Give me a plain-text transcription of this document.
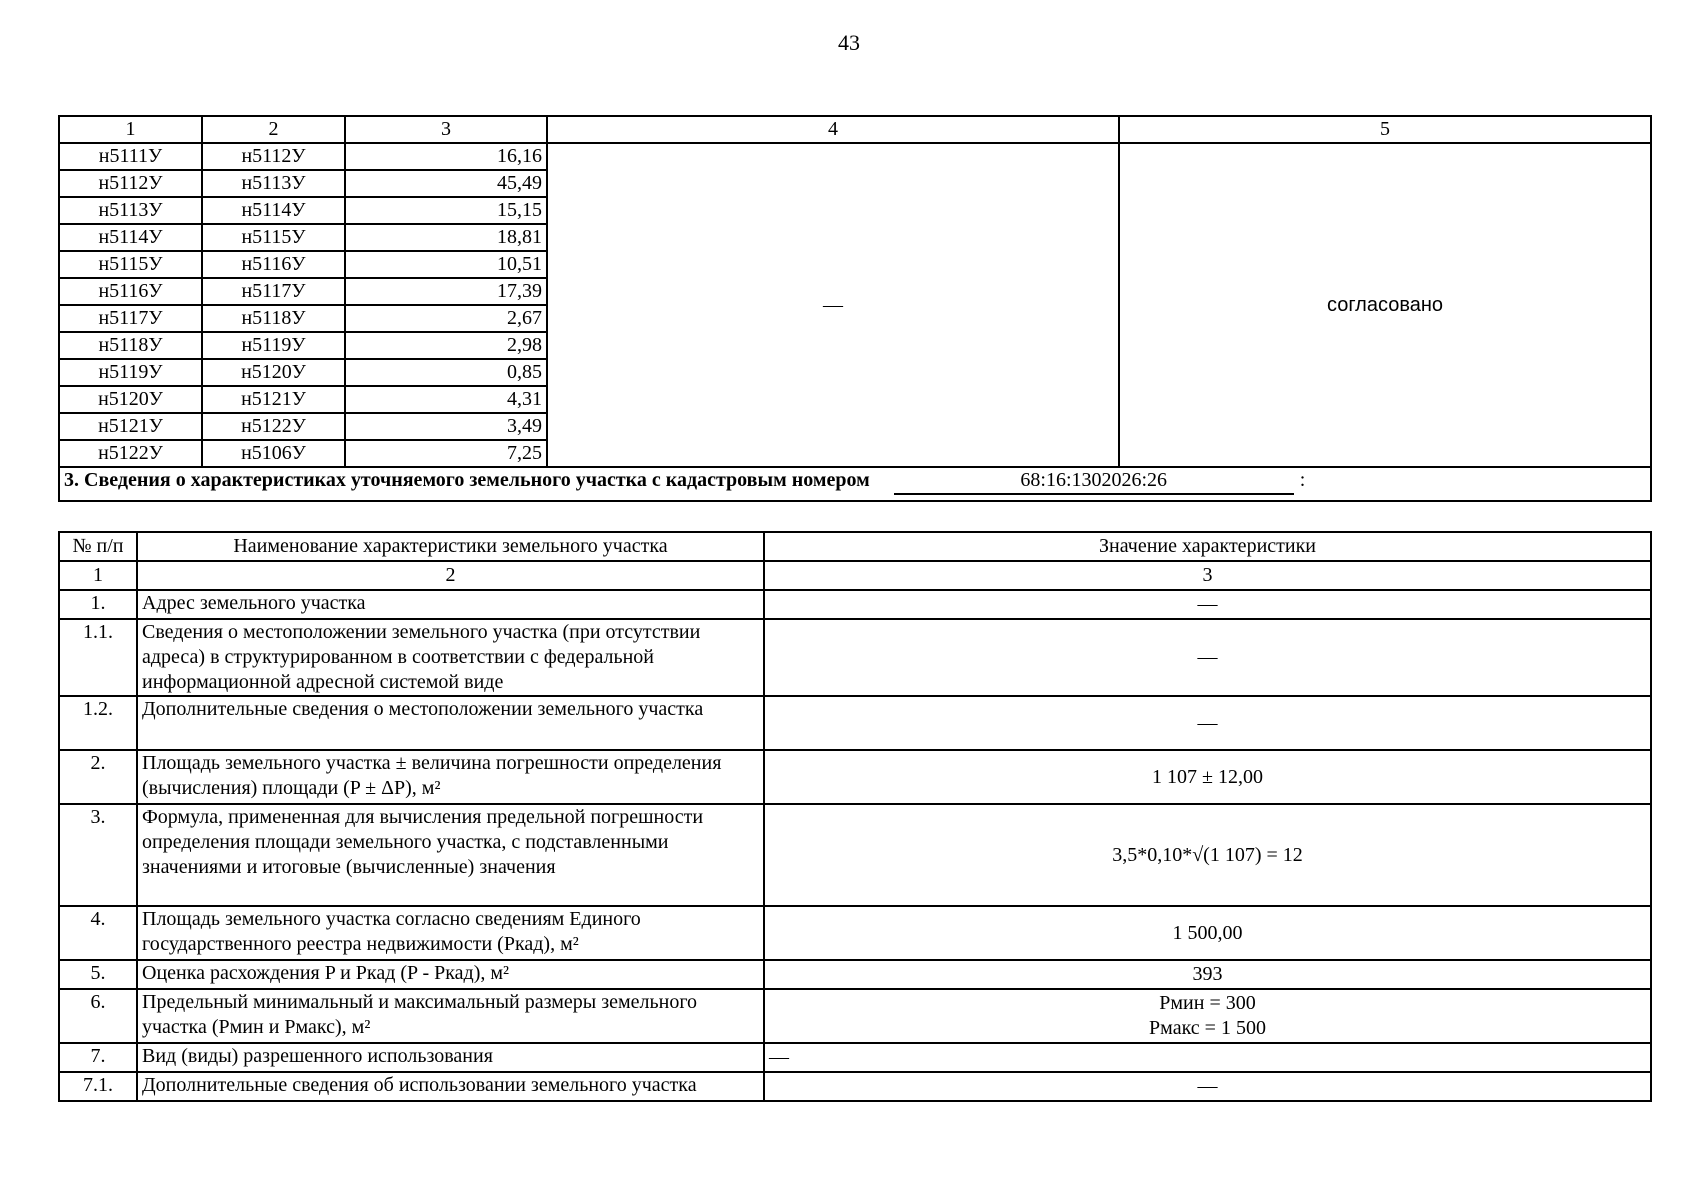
43
1	2	3	4	5
н5111У	н5112У	16,16	—	согласовано
н5112У	н5113У	45,49		
н5113У	н5114У	15,15		
н5114У	н5115У	18,81		
н5115У	н5116У	10,51		
н5116У	н5117У	17,39		
н5117У	н5118У	2,67		
н5118У	н5119У	2,98		
н5119У	н5120У	0,85		
н5120У	н5121У	4,31		
н5121У	н5122У	3,49		
н5122У	н5106У	7,25		
3. Сведения о характеристиках уточняемого земельного участка с кадастровым номером 68:16:1302026:26 :				
№ п/п	Наименование характеристики земельного участка	Значение характеристики
1	2	3
1.	Адрес земельного участка	—

1.1.	Сведения о местоположении земельного участка (при отсутствии адреса) в структурированном в соответствии с федеральной информационной адресной системой виде	—

1.2.	Дополнительные сведения о местоположении земельного участка	—

2.	Площадь земельного участка ± величина погрешности определения (вычисления) площади (P ± ΔP), м²	1 107 ± 12,00

3.	Формула, примененная для вычисления предельной погрешности определения площади земельного участка, с подставленными значениями и итоговые (вычисленные) значения	3,5*0,10*√(1 107) = 12

4.	Площадь земельного участка согласно сведениям Единого государственного реестра недвижимости (Pкад), м²	1 500,00

5.	Оценка расхождения P и Pкад (P - Pкад), м²	393

6.	Предельный минимальный и максимальный размеры земельного участка (Pмин и Pмакс), м²	Pмин = 300
Pмакс = 1 500

7.	Вид (виды) разрешенного использования	—

7.1.	Дополнительные сведения об использовании земельного участка	—
